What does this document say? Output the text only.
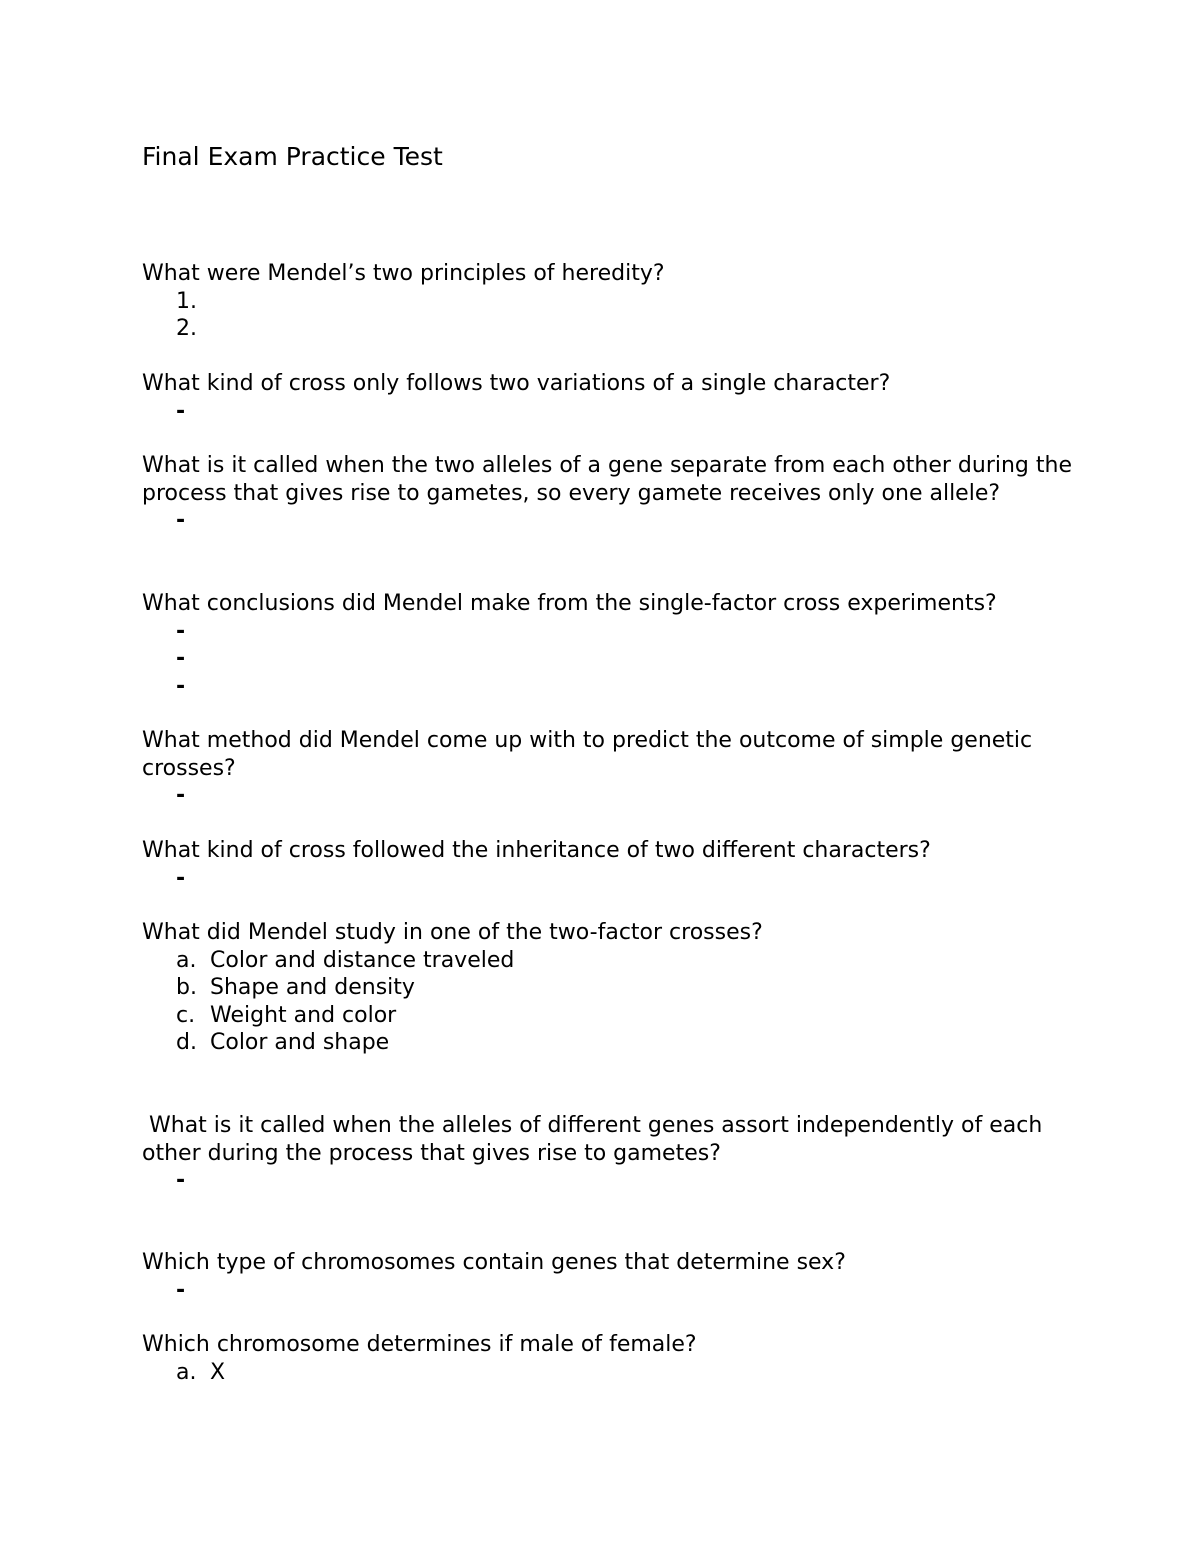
Final Exam Practice Test

What were Mendel’s two principles of heredity?

1.
2.

What kind of cross only follows two variations of a single character?

-

What is it called when the two alleles of a gene separate from each other during the process that gives rise to gametes, so every gamete receives only one allele?

-

What conclusions did Mendel make from the single-factor cross experiments?

-
-
-

What method did Mendel come up with to predict the outcome of simple genetic crosses?

-

What kind of cross followed the inheritance of two different characters?

-

What did Mendel study in one of the two-factor crosses?

a. Color and distance traveled
b. Shape and density
c. Weight and color
d. Color and shape

What is it called when the alleles of different genes assort independently of each other during the process that gives rise to gametes?

-

Which type of chromosomes contain genes that determine sex?

-

Which chromosome determines if male of female?

a. X
